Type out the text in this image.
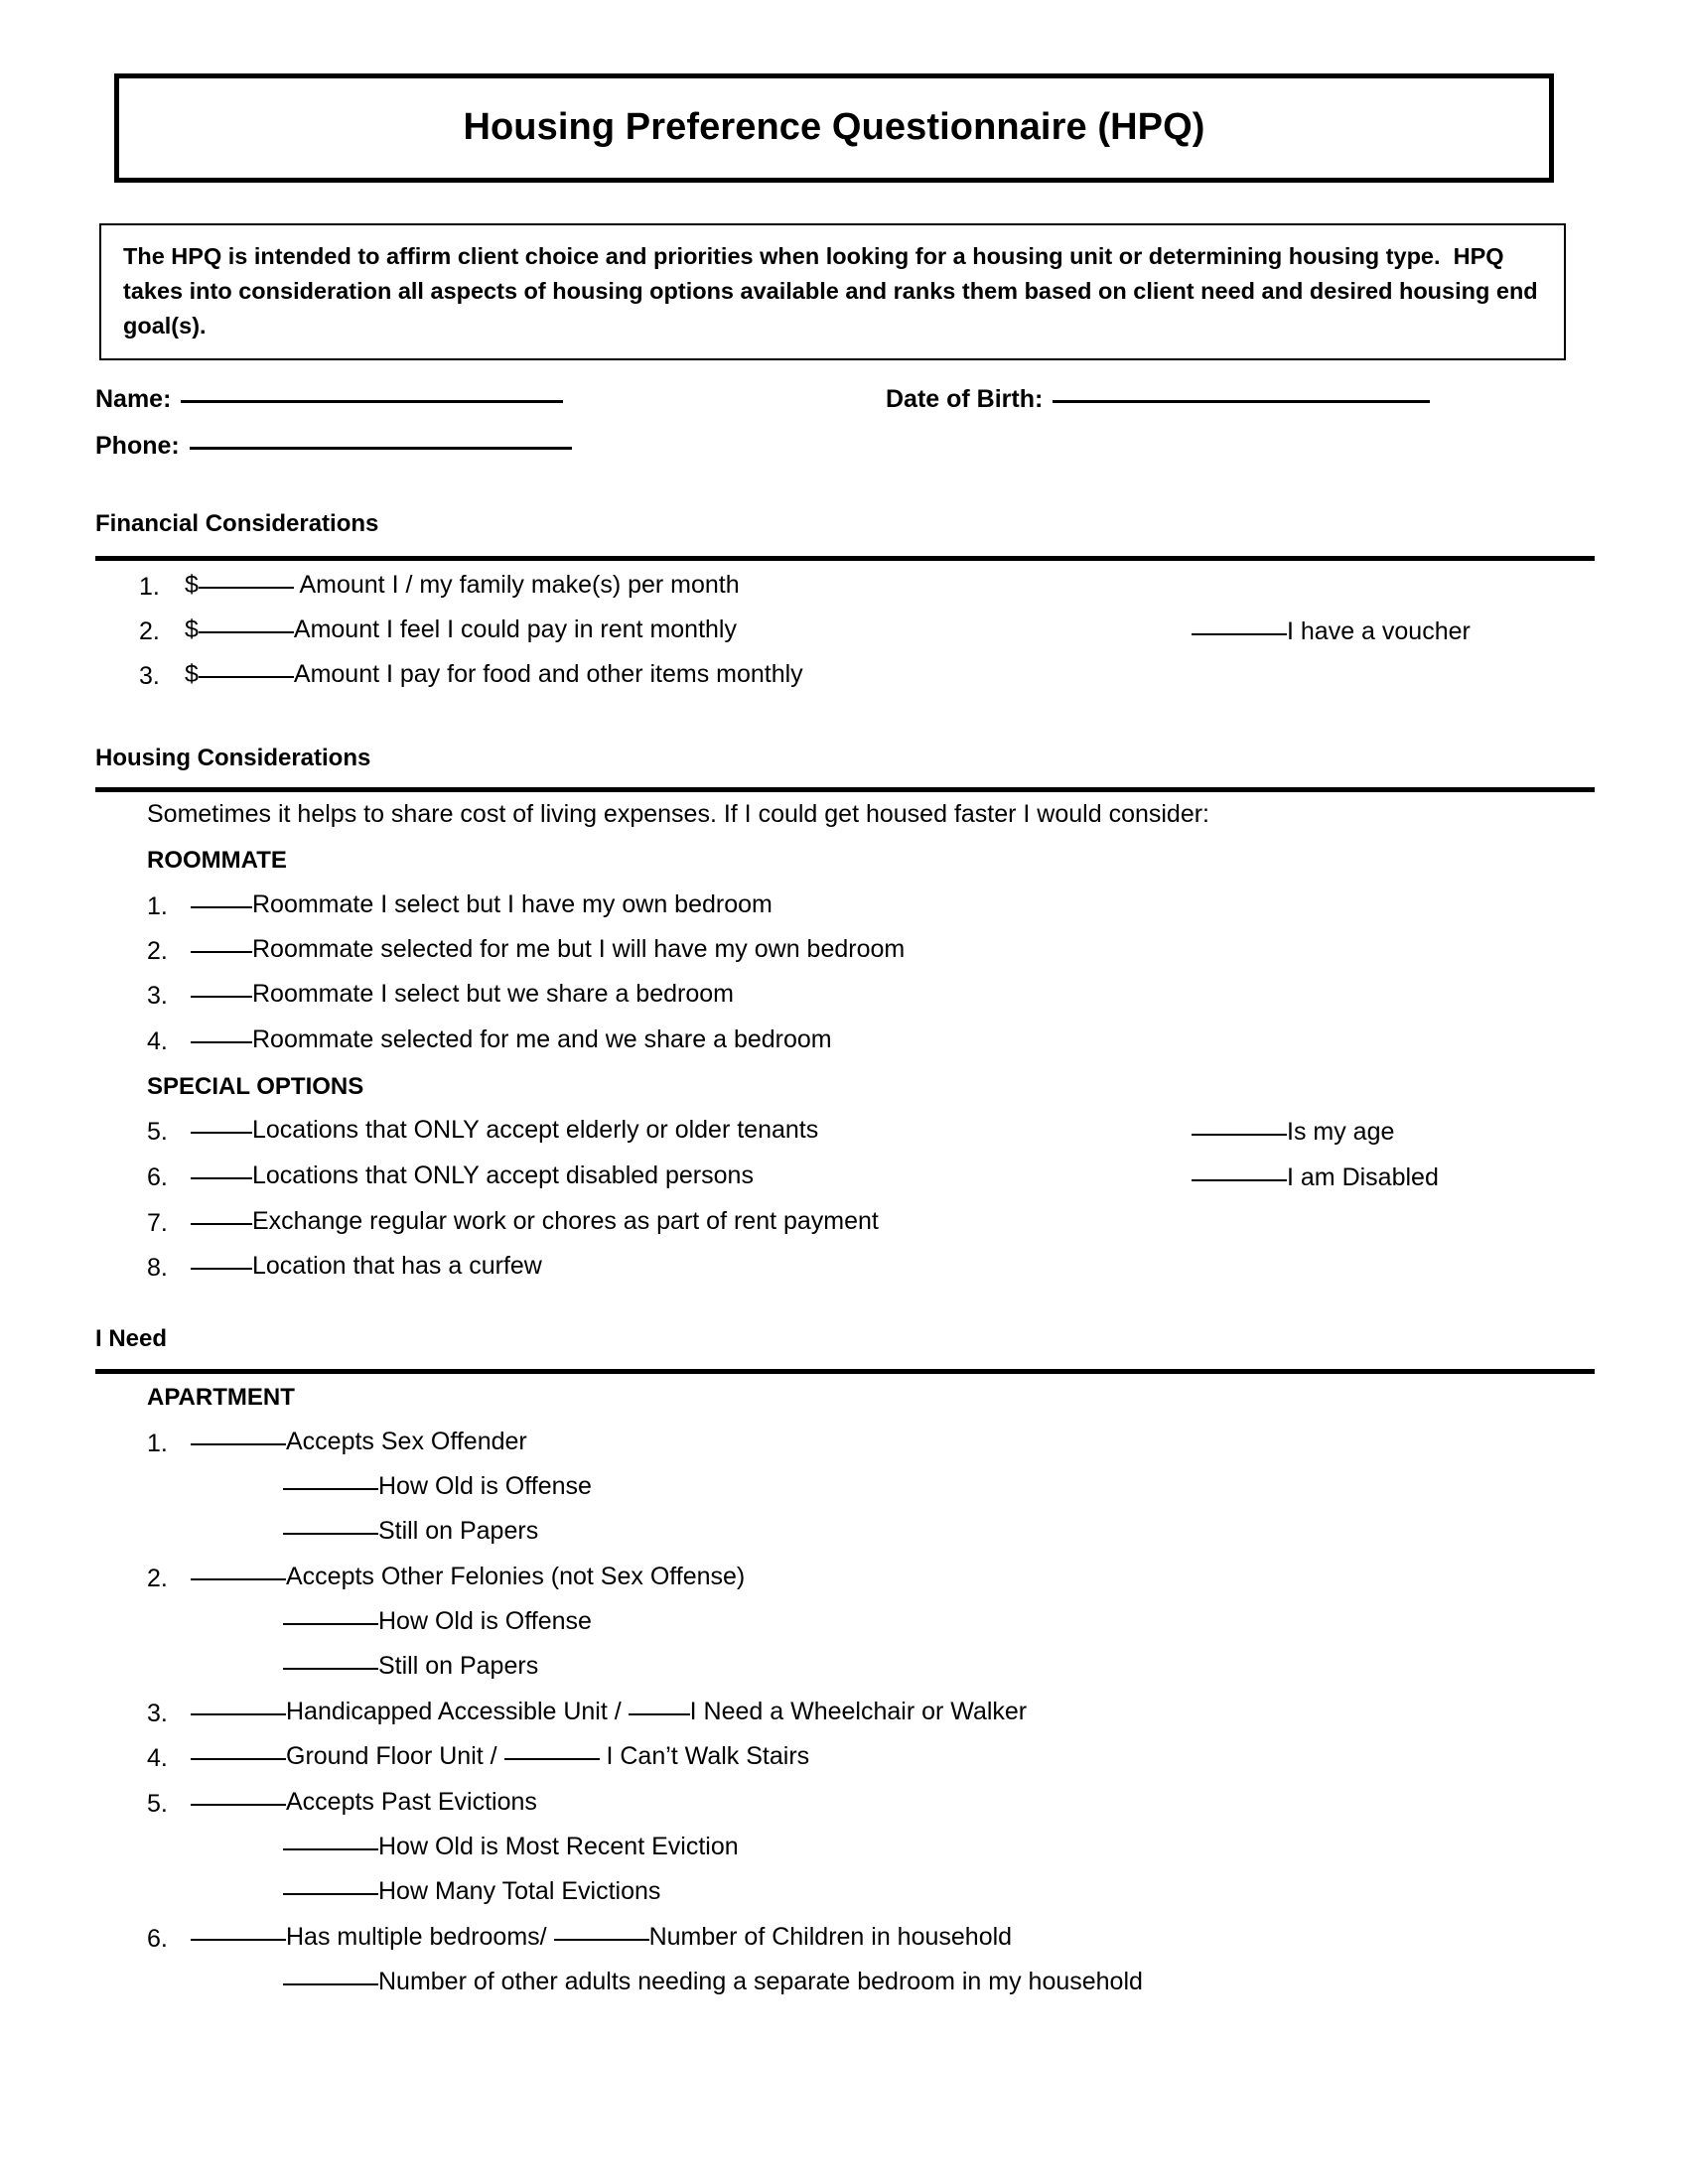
Housing Preference Questionnaire (HPQ)
The HPQ is intended to affirm client choice and priorities when looking for a housing unit or determining housing type.  HPQ takes into consideration all aspects of housing options available and ranks them based on client need and desired housing end goal(s).
Name:	Date of Birth:
Phone:
Financial Considerations
1. $	Amount I / my family make(s) per month
2. $	Amount I feel I could pay in rent monthly	I have a voucher
3. $	Amount I pay for food and other items monthly
Housing Considerations
Sometimes it helps to share cost of living expenses. If I could get housed faster I would consider:
ROOMMATE
1.	Roommate I select but I have my own bedroom
2.	Roommate selected for me but I will have my own bedroom
3.	Roommate I select but we share a bedroom
4.	Roommate selected for me and we share a bedroom
SPECIAL OPTIONS
5.	Locations that ONLY accept elderly or older tenants	Is my age
6.	Locations that ONLY accept disabled persons	I am Disabled
7.	Exchange regular work or chores as part of rent payment
8.	Location that has a curfew
I Need
APARTMENT
1.	Accepts Sex Offender
How Old is Offense
Still on Papers
2.	Accepts Other Felonies (not Sex Offense)
How Old is Offense
Still on Papers
3.	Handicapped Accessible Unit / I Need a Wheelchair or Walker
4.	Ground Floor Unit /	I Can’t Walk Stairs
5.	Accepts Past Evictions
How Old is Most Recent Eviction
How Many Total Evictions
6.	Has multiple bedrooms/	Number of Children in household
Number of other adults needing a separate bedroom in my household
